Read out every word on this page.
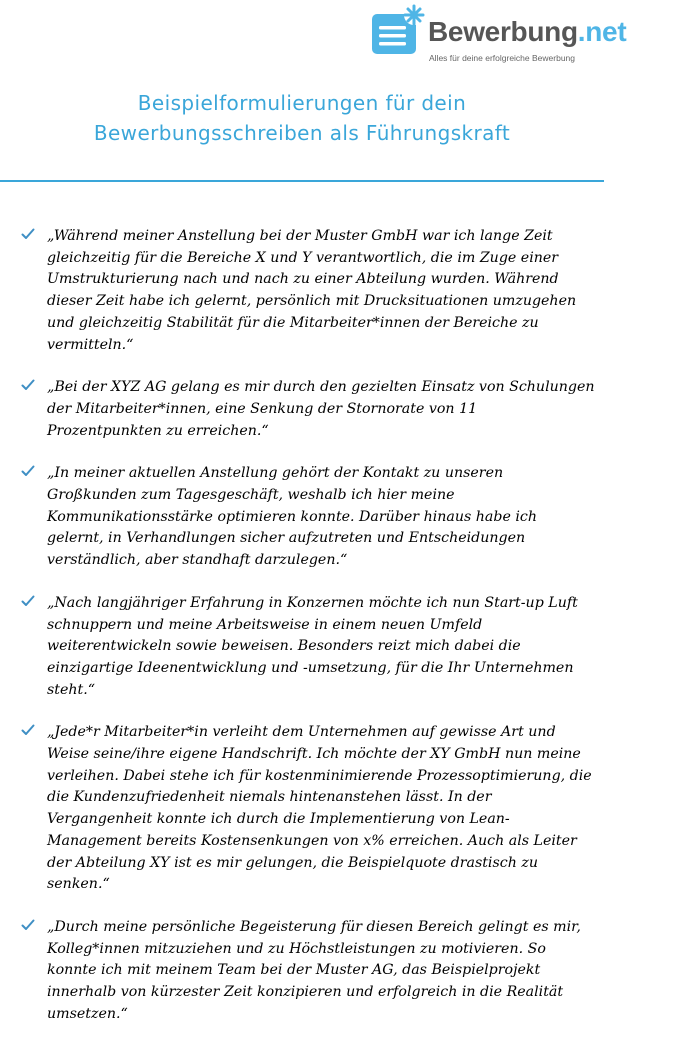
Bewerbung.net
Alles für deine erfolgreiche Bewerbung
Beispielformulierungen für dein
Bewerbungsschreiben als Führungskraft
„Während meiner Anstellung bei der Muster GmbH war ich lange Zeit
gleichzeitig für die Bereiche X und Y verantwortlich, die im Zuge einer
Umstrukturierung nach und nach zu einer Abteilung wurden. Während
dieser Zeit habe ich gelernt, persönlich mit Drucksituationen umzugehen
und gleichzeitig Stabilität für die Mitarbeiter*innen der Bereiche zu
vermitteln.“
„Bei der XYZ AG gelang es mir durch den gezielten Einsatz von Schulungen
der Mitarbeiter*innen, eine Senkung der Stornorate von 11
Prozentpunkten zu erreichen.“
„In meiner aktuellen Anstellung gehört der Kontakt zu unseren
Großkunden zum Tagesgeschäft, weshalb ich hier meine
Kommunikationsstärke optimieren konnte. Darüber hinaus habe ich
gelernt, in Verhandlungen sicher aufzutreten und Entscheidungen
verständlich, aber standhaft darzulegen.“
„Nach langjähriger Erfahrung in Konzernen möchte ich nun Start-up Luft
schnuppern und meine Arbeitsweise in einem neuen Umfeld
weiterentwickeln sowie beweisen. Besonders reizt mich dabei die
einzigartige Ideenentwicklung und -umsetzung, für die Ihr Unternehmen
steht.“
„Jede*r Mitarbeiter*in verleiht dem Unternehmen auf gewisse Art und
Weise seine/ihre eigene Handschrift. Ich möchte der XY GmbH nun meine
verleihen. Dabei stehe ich für kostenminimierende Prozessoptimierung, die
die Kundenzufriedenheit niemals hintenanstehen lässt. In der
Vergangenheit konnte ich durch die Implementierung von Lean-
Management bereits Kostensenkungen von x% erreichen. Auch als Leiter
der Abteilung XY ist es mir gelungen, die Beispielquote drastisch zu
senken.“
„Durch meine persönliche Begeisterung für diesen Bereich gelingt es mir,
Kolleg*innen mitzuziehen und zu Höchstleistungen zu motivieren. So
konnte ich mit meinem Team bei der Muster AG, das Beispielprojekt
innerhalb von kürzester Zeit konzipieren und erfolgreich in die Realität
umsetzen.“
